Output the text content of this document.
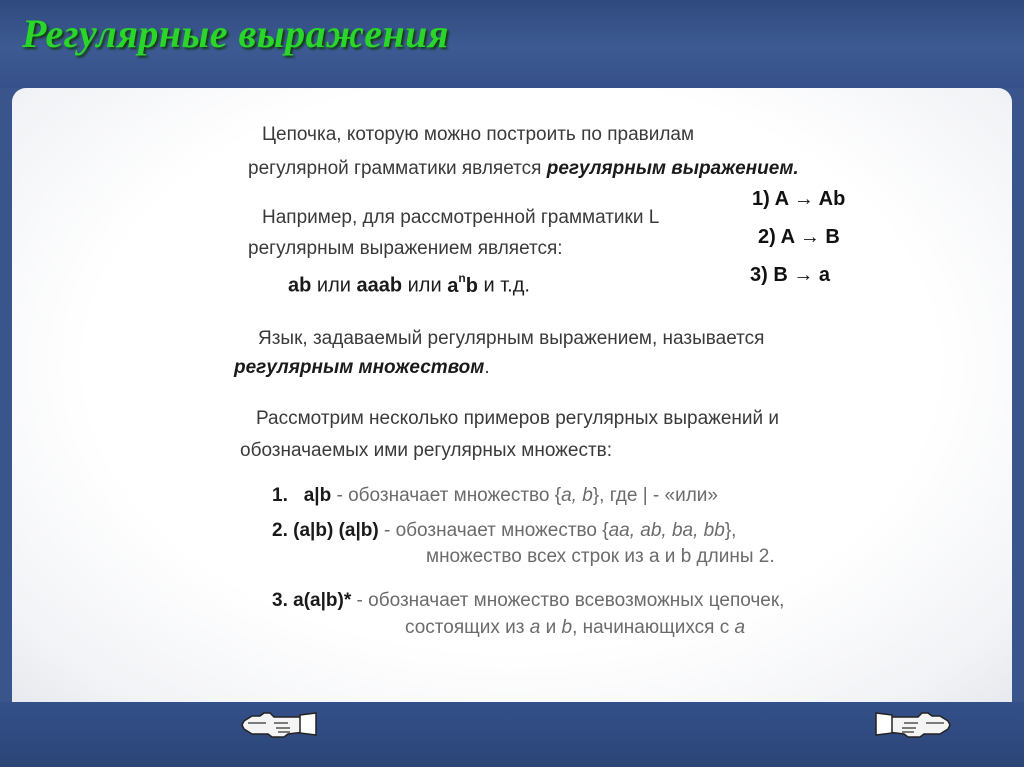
Регулярные выражения
Цепочка, которую можно построить по правилам
регулярной грамматики является регулярным выражением.
1) A → Ab
2) A → B
3) B → a
Например, для рассмотренной грамматики L
регулярным выражением является:
ab или aaab или $a^nb$ и т.д.
Язык, задаваемый регулярным выражением, называется
регулярным множеством.
Рассмотрим несколько примеров регулярных выражений и
обозначаемых ими регулярных множеств:
1. a|b - обозначает множество {a, b}, где | - «или»
2. (a|b) (a|b) - обозначает множество {aa, ab, ba, bb},
множество всех строк из a и b длины 2.
3. a(a|b)* - обозначает множество всевозможных цепочек,
состоящих из a и b, начинающихся с a
